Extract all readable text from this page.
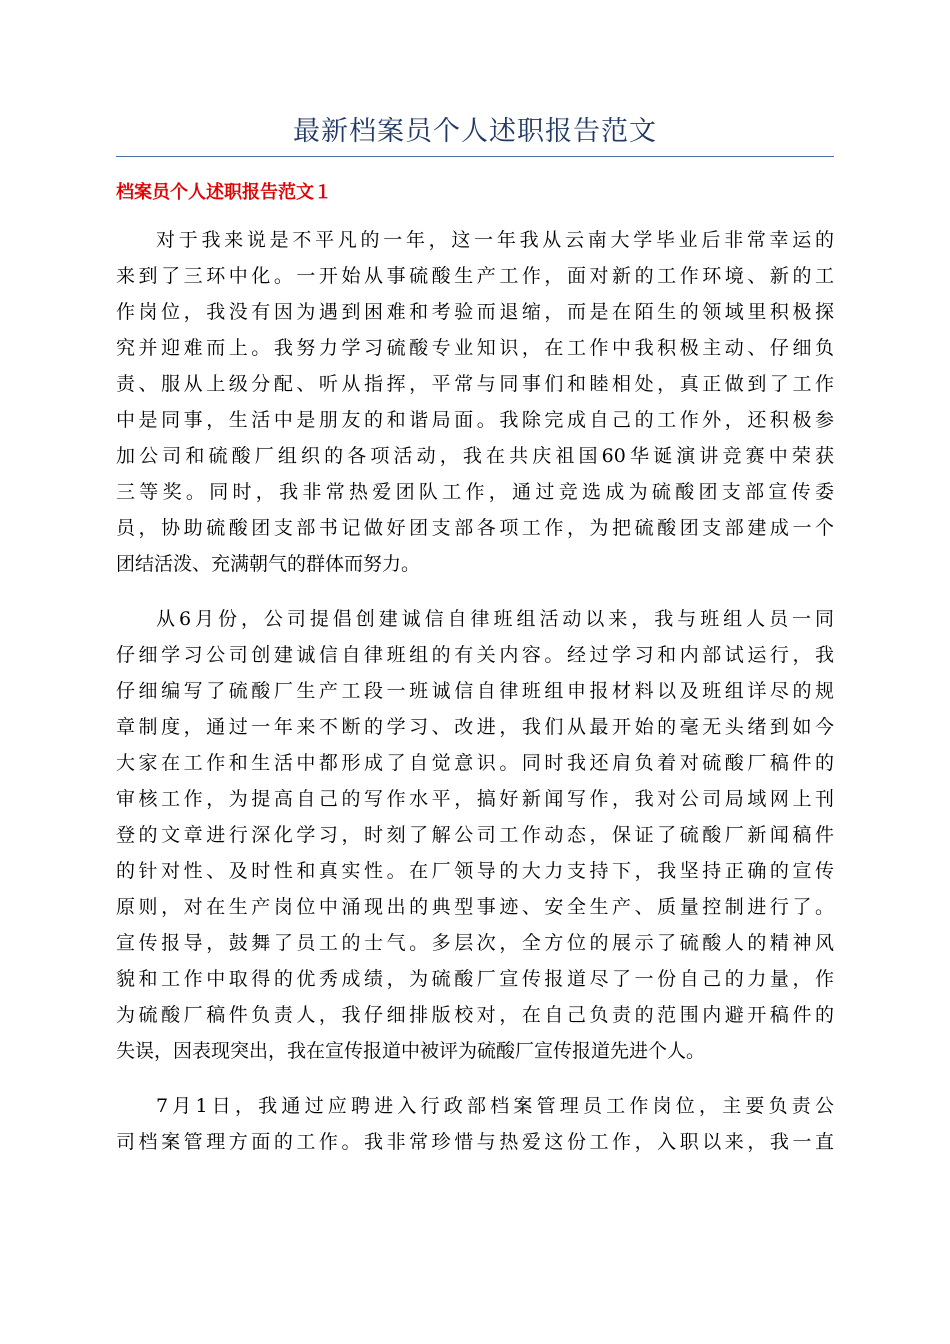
最新档案员个人述职报告范文
档案员个人述职报告范文１

对于我来说是不平凡的一年，这一年我从云南大学毕业后非常幸运的
来到了三环中化。一开始从事硫酸生产工作，面对新的工作环境、新的工
作岗位，我没有因为遇到困难和考验而退缩，而是在陌生的领域里积极探
究并迎难而上。我努力学习硫酸专业知识，在工作中我积极主动、仔细负
责、服从上级分配、听从指挥，平常与同事们和睦相处，真正做到了工作
中是同事，生活中是朋友的和谐局面。我除完成自己的工作外，还积极参
加公司和硫酸厂组织的各项活动，我在共庆祖国60华诞演讲竞赛中荣获
三等奖。同时，我非常热爱团队工作，通过竞选成为硫酸团支部宣传委
员，协助硫酸团支部书记做好团支部各项工作，为把硫酸团支部建成一个
团结活泼、充满朝气的群体而努力。

从6月份，公司提倡创建诚信自律班组活动以来，我与班组人员一同
仔细学习公司创建诚信自律班组的有关内容。经过学习和内部试运行，我
仔细编写了硫酸厂生产工段一班诚信自律班组申报材料以及班组详尽的规
章制度，通过一年来不断的学习、改进，我们从最开始的毫无头绪到如今
大家在工作和生活中都形成了自觉意识。同时我还肩负着对硫酸厂稿件的
审核工作，为提高自己的写作水平，搞好新闻写作，我对公司局域网上刊
登的文章进行深化学习，时刻了解公司工作动态，保证了硫酸厂新闻稿件
的针对性、及时性和真实性。在厂领导的大力支持下，我坚持正确的宣传
原则，对在生产岗位中涌现出的典型事迹、安全生产、质量控制进行了。
宣传报导，鼓舞了员工的士气。多层次，全方位的展示了硫酸人的精神风
貌和工作中取得的优秀成绩，为硫酸厂宣传报道尽了一份自己的力量，作
为硫酸厂稿件负责人，我仔细排版校对，在自己负责的范围内避开稿件的
失误，因表现突出，我在宣传报道中被评为硫酸厂宣传报道先进个人。

7月1日，我通过应聘进入行政部档案管理员工作岗位，主要负责公
司档案管理方面的工作。我非常珍惜与热爱这份工作，入职以来，我一直
